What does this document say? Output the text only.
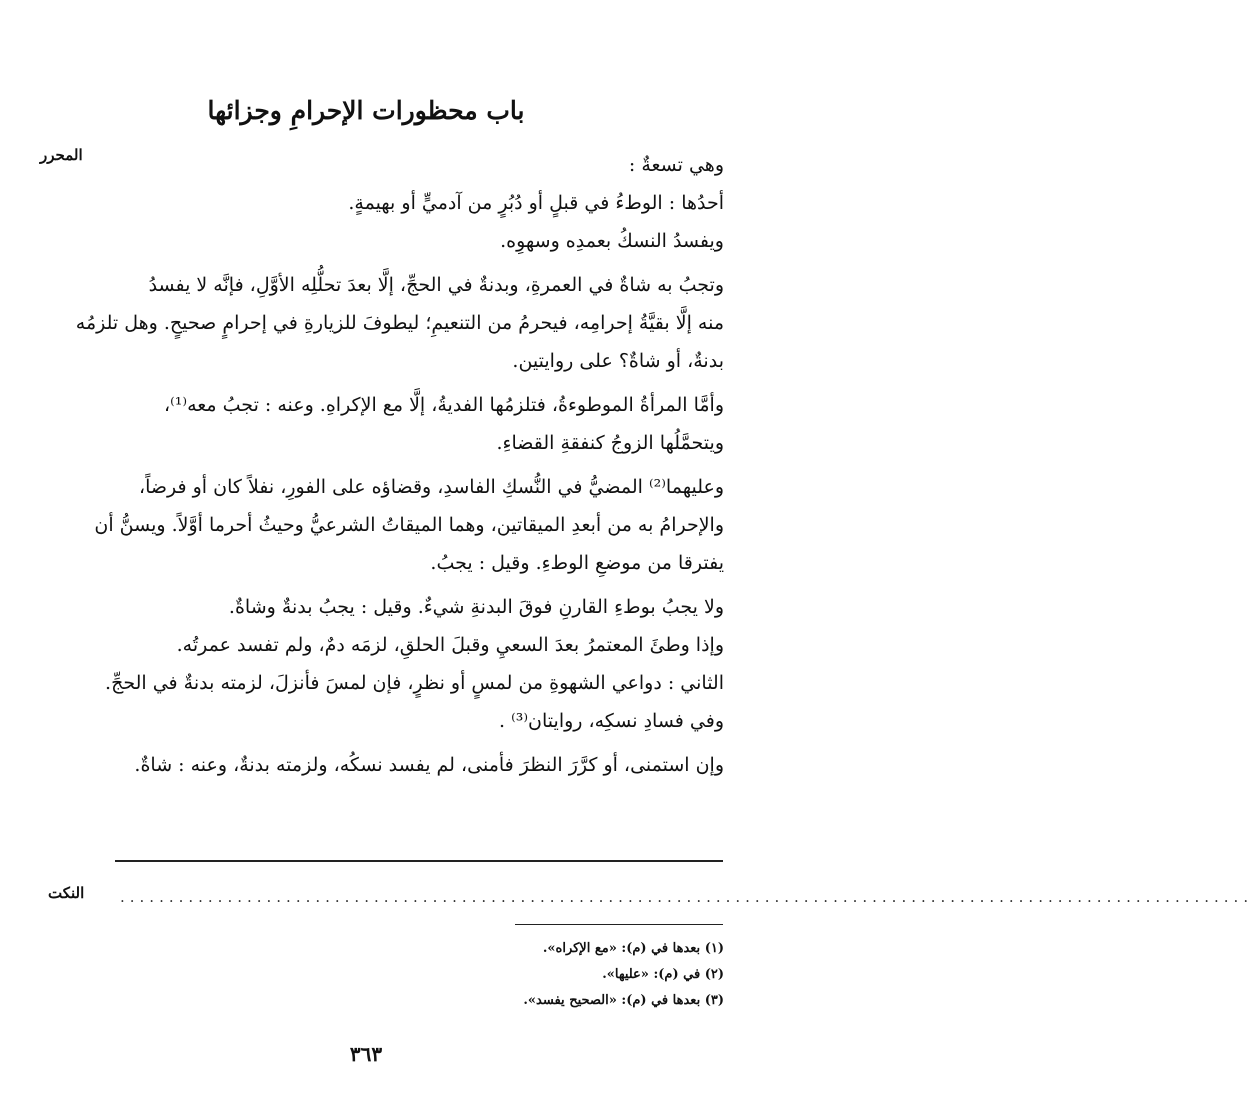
باب محظورات الإحرامِ وجزائها
المحرر	وهي تسعةٌ :
أحدُها : الوطءُ في قبلٍ أو دُبُرٍ من آدميٍّ أو بهيمةٍ.
ويفسدُ النسكُ بعمدِه وسهوِه.
وتجبُ به شاةٌ في العمرةِ، وبدنةٌ في الحجِّ، إلَّا بعدَ تحلُّلِه الأوَّلِ، فإنَّه لا يفسدُ
منه إلَّا بقيَّةُ إحرامِه، فيحرمُ من التنعيمِ؛ ليطوفَ للزيارةِ في إحرامٍ صحيحٍ. وهل تلزمُه
بدنةٌ، أو شاةٌ؟ على روايتين.
وأمَّا المرأةُ الموطوءةُ، فتلزمُها الفديةُ، إلَّا مع الإكراهِ. وعنه : تجبُ معه⁽¹⁾،
ويتحمَّلُها الزوجُ كنفقةِ القضاءِ.
وعليهما⁽²⁾ المضيُّ في النُّسكِ الفاسدِ، وقضاؤه على الفورِ، نفلاً كان أو فرضاً،
والإحرامُ به من أبعدِ الميقاتين، وهما الميقاتُ الشرعيُّ وحيثُ أحرما أوَّلاً. ويسنُّ أن
يفترقا من موضعِ الوطءِ. وقيل : يجبُ.
ولا يجبُ بوطءِ القارنِ فوقَ البدنةِ شيءٌ. وقيل : يجبُ بدنةٌ وشاةٌ.
وإذا وطئَ المعتمرُ بعدَ السعيِ وقبلَ الحلقِ، لزمَه دمٌ، ولم تفسد عمرتُه.
الثاني : دواعي الشهوةِ من لمسٍ أو نظرٍ، فإن لمسَ فأنزلَ، لزمته بدنةٌ في الحجِّ.
وفي فسادِ نسكِه، روايتان⁽³⁾ .
وإن استمنى، أو كرَّرَ النظرَ فأمنى، لم يفسد نسكُه، ولزمته بدنةٌ، وعنه : شاةٌ.
النكت ....................................................................................................................
(١) بعدها في (م): «مع الإكراه».
(٢) في (م): «عليها».
(٣) بعدها في (م): «الصحيح يفسد».
٣٦٣
